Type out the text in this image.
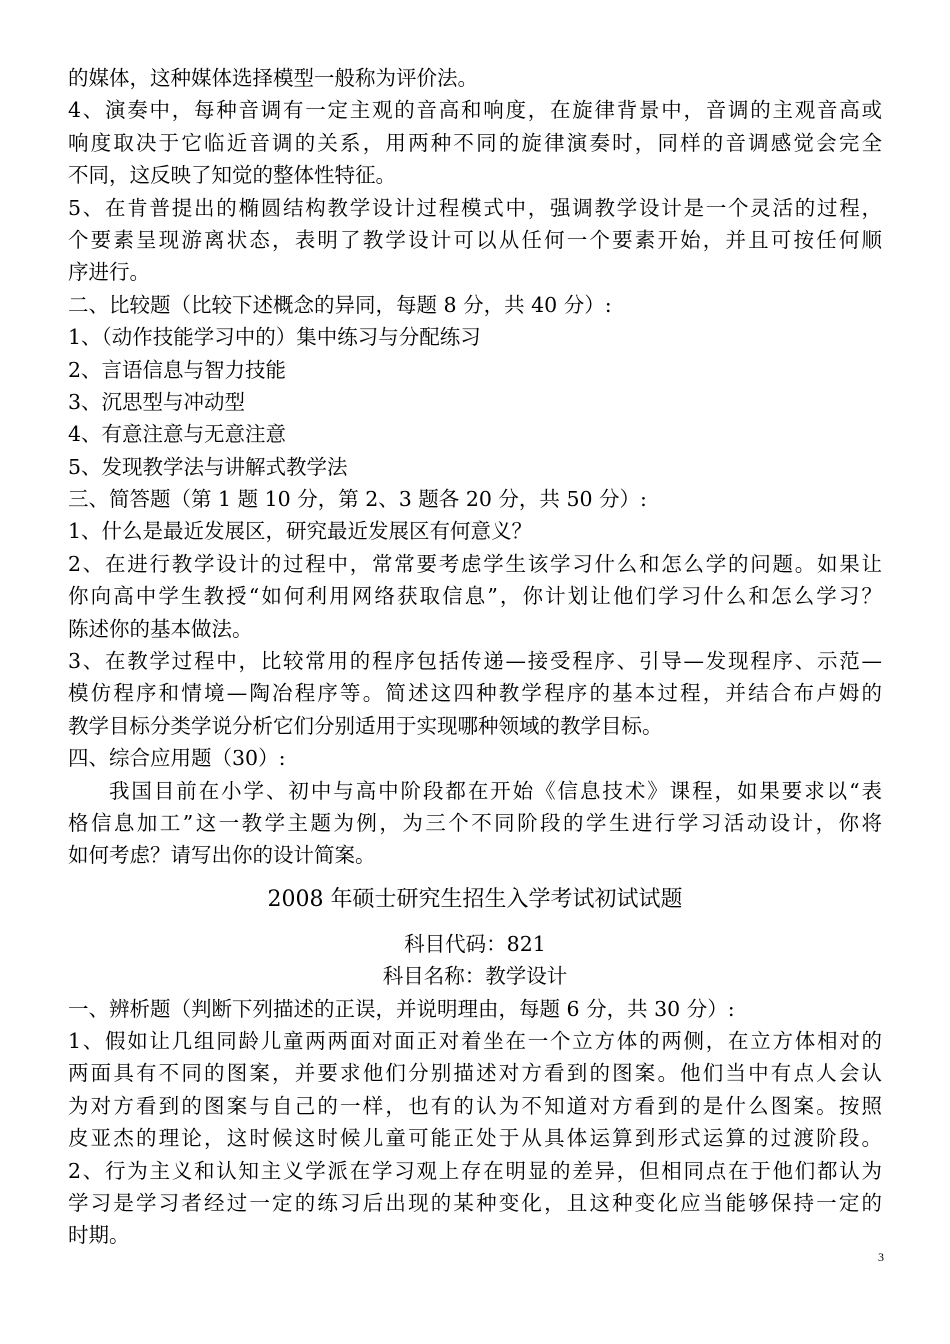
的媒体，这种媒体选择模型一般称为评价法。
4、演奏中，每种音调有一定主观的音高和响度，在旋律背景中，音调的主观音高或
响度取决于它临近音调的关系，用两种不同的旋律演奏时，同样的音调感觉会完全
不同，这反映了知觉的整体性特征。
5、在肯普提出的椭圆结构教学设计过程模式中，强调教学设计是一个灵活的过程，
个要素呈现游离状态，表明了教学设计可以从任何一个要素开始，并且可按任何顺
序进行。
二、比较题（比较下述概念的异同，每题 8 分，共 40 分）:
1、（动作技能学习中的）集中练习与分配练习
2、言语信息与智力技能
3、沉思型与冲动型
4、有意注意与无意注意
5、发现教学法与讲解式教学法
三、简答题（第 1 题 10 分，第 2、3 题各 20 分，共 50 分）:
1、什么是最近发展区，研究最近发展区有何意义？
2、在进行教学设计的过程中，常常要考虑学生该学习什么和怎么学的问题。如果让
你向高中学生教授“如何利用网络获取信息”，你计划让他们学习什么和怎么学习？
陈述你的基本做法。
3、在教学过程中，比较常用的程序包括传递—接受程序、引导—发现程序、示范—
模仿程序和情境—陶冶程序等。简述这四种教学程序的基本过程，并结合布卢姆的
教学目标分类学说分析它们分别适用于实现哪种领域的教学目标。
四、综合应用题（30）:
我国目前在小学、初中与高中阶段都在开始《信息技术》课程，如果要求以“表
格信息加工”这一教学主题为例，为三个不同阶段的学生进行学习活动设计，你将
如何考虑？请写出你的设计简案。
2008 年硕士研究生招生入学考试初试试题
科目代码：821
科目名称：教学设计
一、辨析题（判断下列描述的正误，并说明理由，每题 6 分，共 30 分）:
1、假如让几组同龄儿童两两面对面正对着坐在一个立方体的两侧，在立方体相对的
两面具有不同的图案，并要求他们分别描述对方看到的图案。他们当中有点人会认
为对方看到的图案与自己的一样，也有的认为不知道对方看到的是什么图案。按照
皮亚杰的理论，这时候这时候儿童可能正处于从具体运算到形式运算的过渡阶段。
2、行为主义和认知主义学派在学习观上存在明显的差异，但相同点在于他们都认为
学习是学习者经过一定的练习后出现的某种变化，且这种变化应当能够保持一定的
时期。
3
